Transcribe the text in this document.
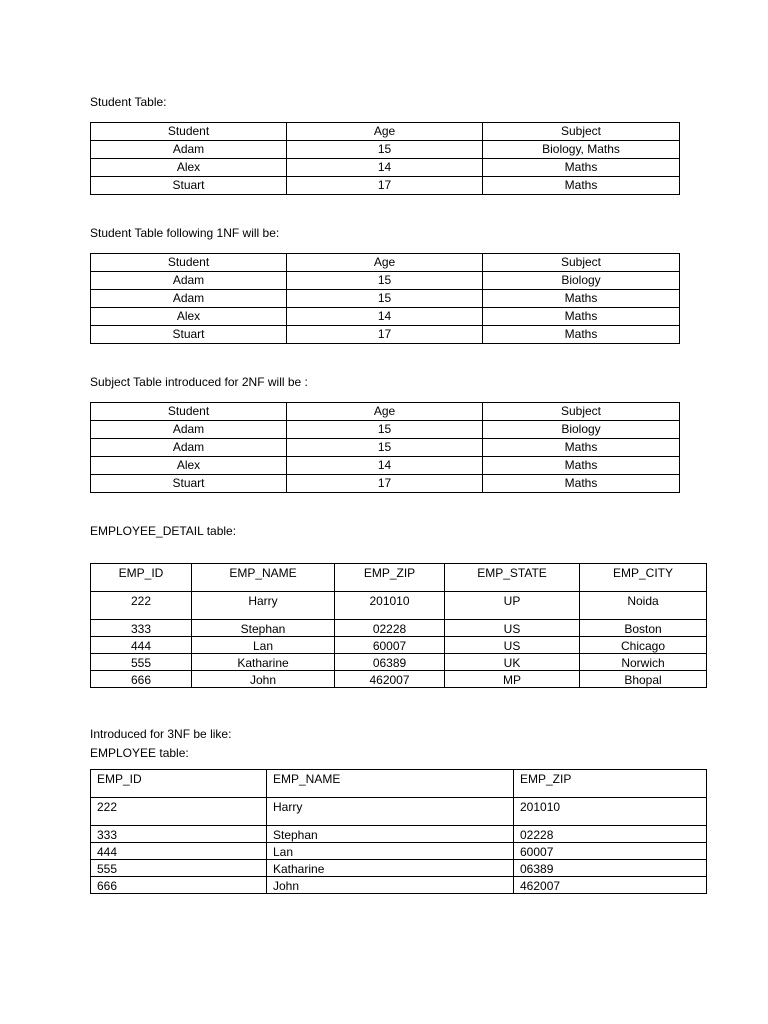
Student Table:
Student	Age	Subject
Adam	15	Biology, Maths
Alex	14	Maths
Stuart	17	Maths
Student Table following 1NF will be:
Student	Age	Subject
Adam	15	Biology
Adam	15	Maths
Alex	14	Maths
Stuart	17	Maths
Subject Table introduced for 2NF will be :
Student	Age	Subject
Adam	15	Biology
Adam	15	Maths
Alex	14	Maths
Stuart	17	Maths
EMPLOYEE_DETAIL table:
EMP_ID	EMP_NAME	EMP_ZIP	EMP_STATE	EMP_CITY
222	Harry	201010	UP	Noida
333	Stephan	02228	US	Boston
444	Lan	60007	US	Chicago
555	Katharine	06389	UK	Norwich
666	John	462007	MP	Bhopal
Introduced for 3NF be like:
EMPLOYEE table:
EMP_ID	EMP_NAME	EMP_ZIP
222	Harry	201010
333	Stephan	02228
444	Lan	60007
555	Katharine	06389
666	John	462007
